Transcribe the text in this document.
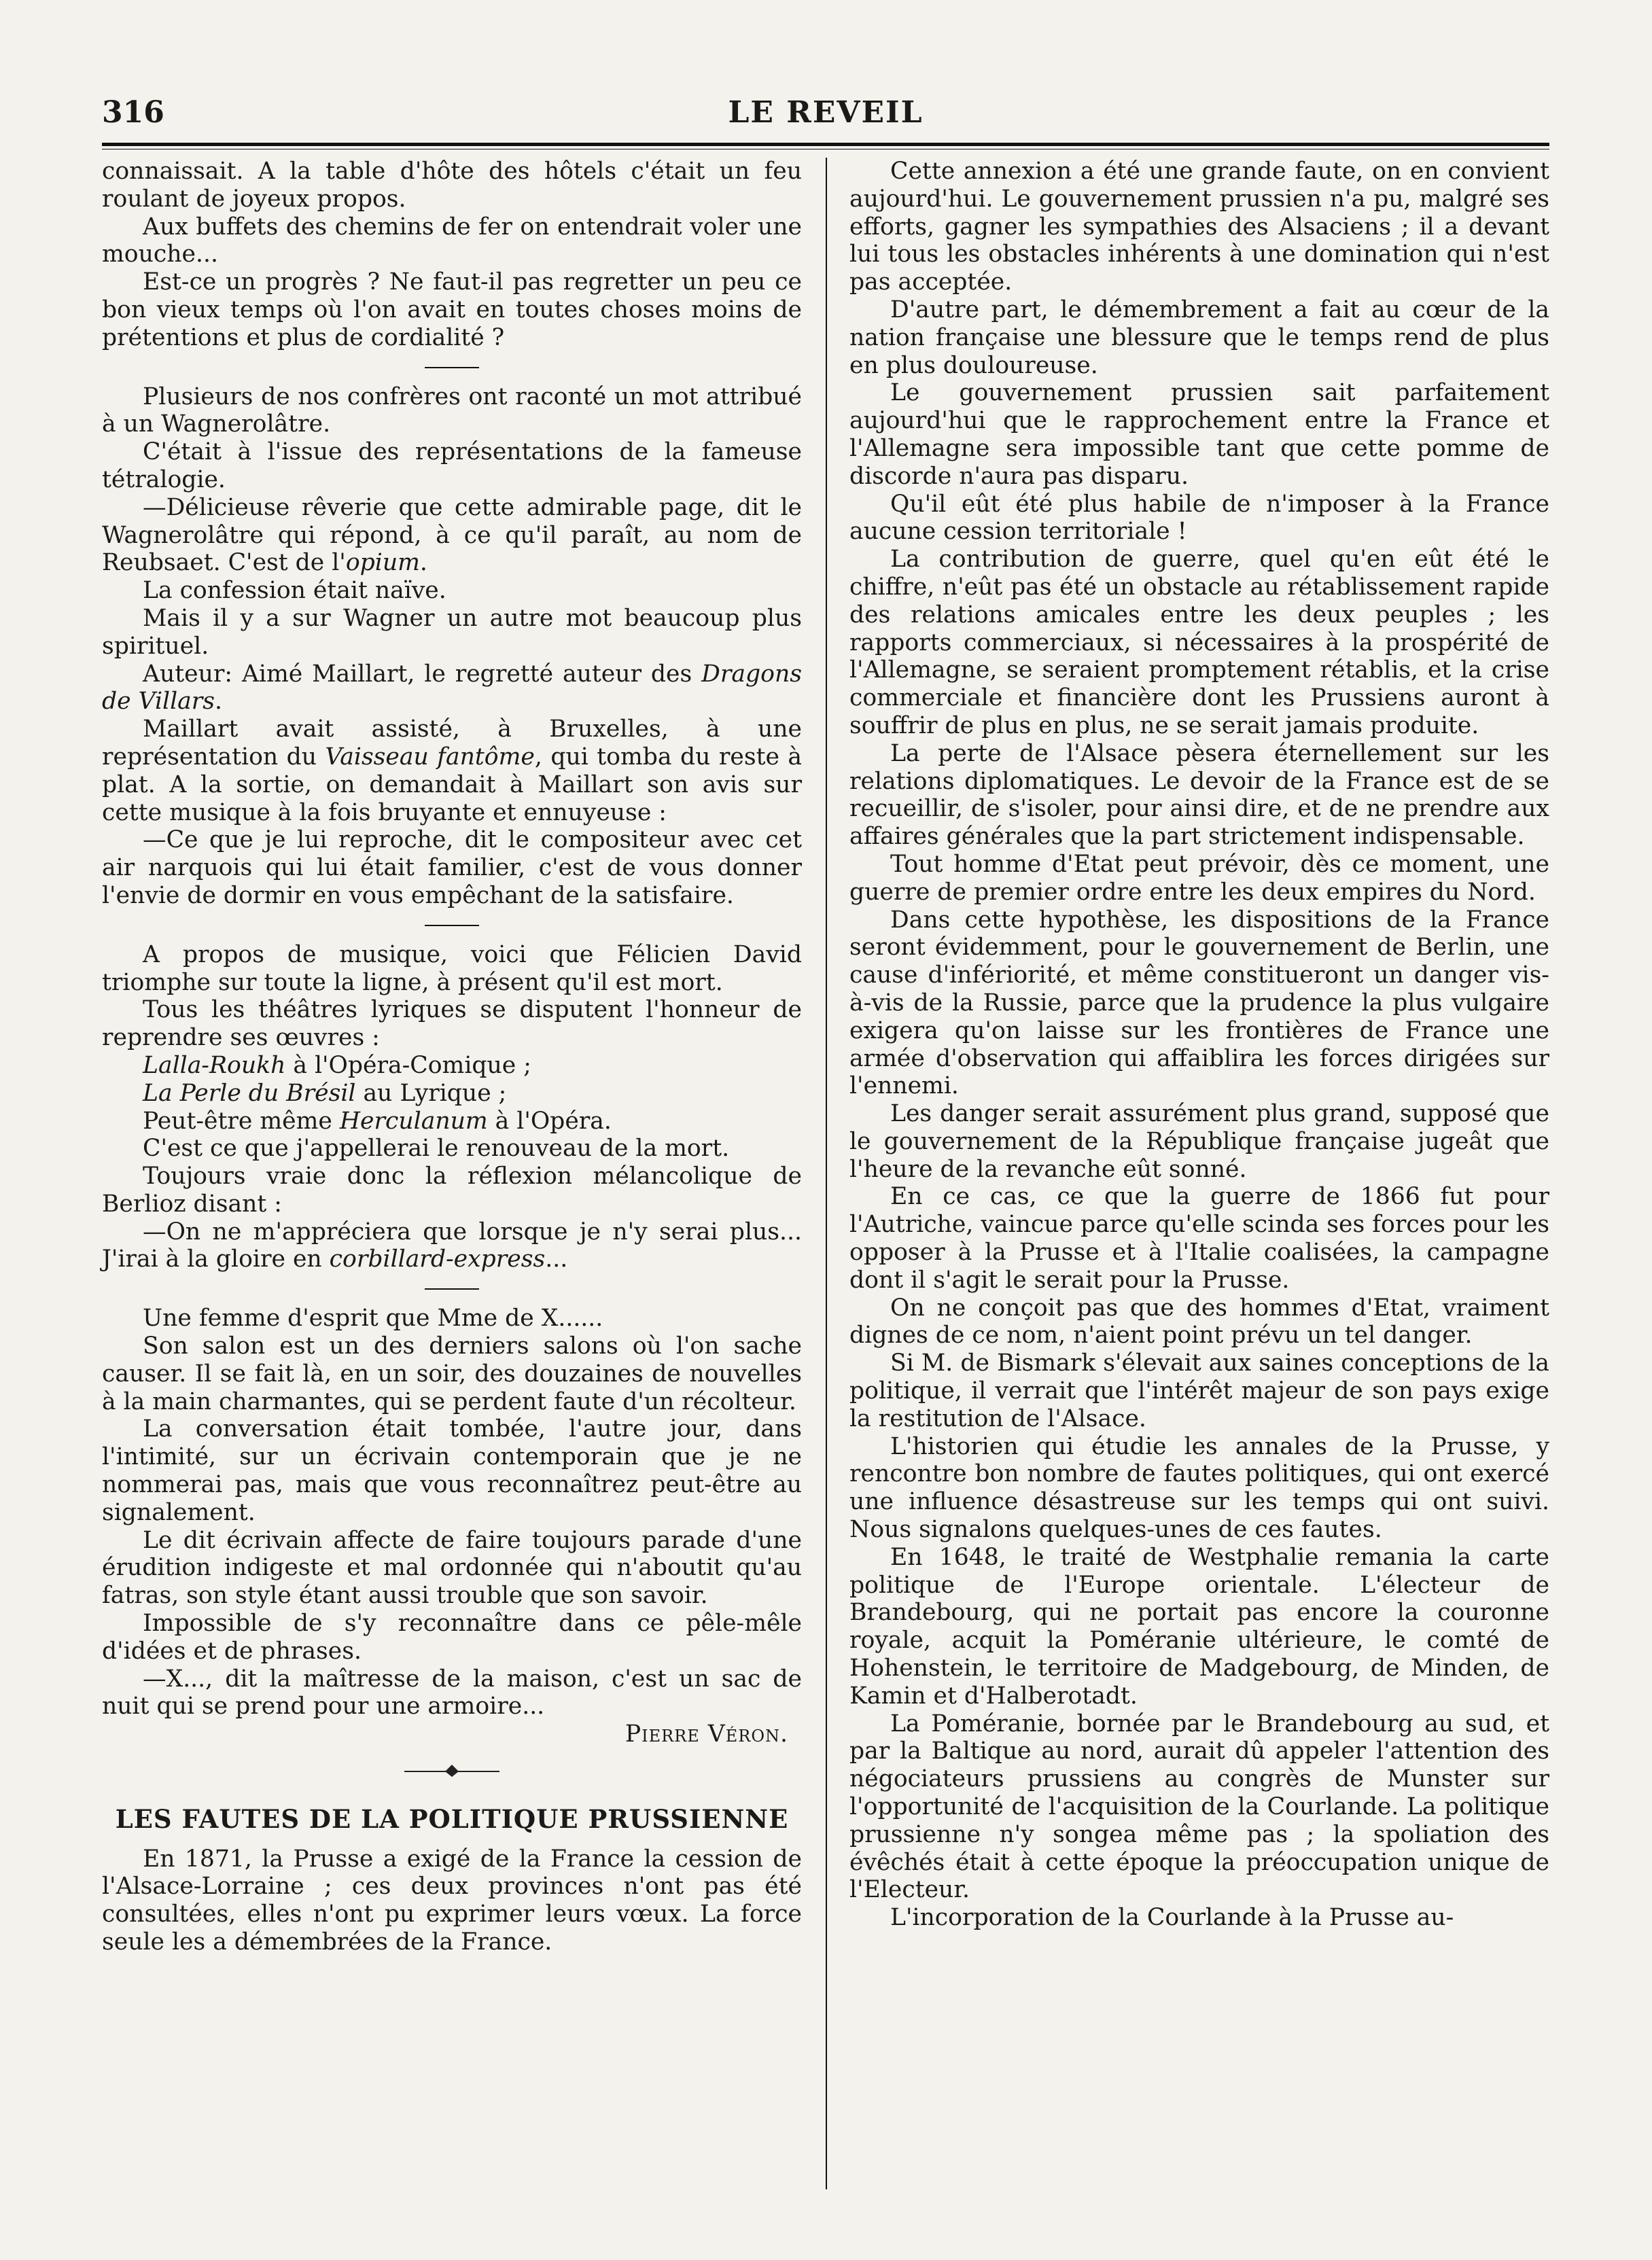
316	LE REVEIL

connaissait. A la table d'hôte des hôtels c'était un feu roulant de joyeux propos.

Aux buffets des chemins de fer on entendrait voler une mouche...

Est-ce un progrès ? Ne faut-il pas regretter un peu ce bon vieux temps où l'on avait en toutes choses moins de prétentions et plus de cordialité ?

Plusieurs de nos confrères ont raconté un mot attribué à un Wagnerolâtre.

C'était à l'issue des représentations de la fameuse tétralogie.

—Délicieuse rêverie que cette admirable page, dit le Wagnerolâtre qui répond, à ce qu'il paraît, au nom de Reubsaet. C'est de l'opium.

La confession était naïve.

Mais il y a sur Wagner un autre mot beaucoup plus spirituel.

Auteur: Aimé Maillart, le regretté auteur des Dragons de Villars.

Maillart avait assisté, à Bruxelles, à une représentation du Vaisseau fantôme, qui tomba du reste à plat. A la sortie, on demandait à Maillart son avis sur cette musique à la fois bruyante et ennuyeuse :

—Ce que je lui reproche, dit le compositeur avec cet air narquois qui lui était familier, c'est de vous donner l'envie de dormir en vous empêchant de la satisfaire.

A propos de musique, voici que Félicien David triomphe sur toute la ligne, à présent qu'il est mort.

Tous les théâtres lyriques se disputent l'honneur de reprendre ses œuvres :

Lalla-Roukh à l'Opéra-Comique ;

La Perle du Brésil au Lyrique ;

Peut-être même Herculanum à l'Opéra.

C'est ce que j'appellerai le renouveau de la mort.

Toujours vraie donc la réflexion mélancolique de Berlioz disant :

—On ne m'appréciera que lorsque je n'y serai plus... J'irai à la gloire en corbillard-express...

Une femme d'esprit que Mme de X......

Son salon est un des derniers salons où l'on sache causer. Il se fait là, en un soir, des douzaines de nouvelles à la main charmantes, qui se perdent faute d'un récolteur.

La conversation était tombée, l'autre jour, dans l'intimité, sur un écrivain contemporain que je ne nommerai pas, mais que vous reconnaîtrez peut-être au signalement.

Le dit écrivain affecte de faire toujours parade d'une érudition indigeste et mal ordonnée qui n'aboutit qu'au fatras, son style étant aussi trouble que son savoir.

Impossible de s'y reconnaître dans ce pêle-mêle d'idées et de phrases.

—X..., dit la maîtresse de la maison, c'est un sac de nuit qui se prend pour une armoire...

Pierre Véron.

LES FAUTES DE LA POLITIQUE PRUSSIENNE

En 1871, la Prusse a exigé de la France la cession de l'Alsace-Lorraine ; ces deux provinces n'ont pas été consultées, elles n'ont pu exprimer leurs vœux. La force seule les a démembrées de la France.

Cette annexion a été une grande faute, on en convient aujourd'hui. Le gouvernement prussien n'a pu, malgré ses efforts, gagner les sympathies des Alsaciens ; il a devant lui tous les obstacles inhérents à une domination qui n'est pas acceptée.

D'autre part, le démembrement a fait au cœur de la nation française une blessure que le temps rend de plus en plus douloureuse.

Le gouvernement prussien sait parfaitement aujourd'hui que le rapprochement entre la France et l'Allemagne sera impossible tant que cette pomme de discorde n'aura pas disparu.

Qu'il eût été plus habile de n'imposer à la France aucune cession territoriale !

La contribution de guerre, quel qu'en eût été le chiffre, n'eût pas été un obstacle au rétablissement rapide des relations amicales entre les deux peuples ; les rapports commerciaux, si nécessaires à la prospérité de l'Allemagne, se seraient promptement rétablis, et la crise commerciale et financière dont les Prussiens auront à souffrir de plus en plus, ne se serait jamais produite.

La perte de l'Alsace pèsera éternellement sur les relations diplomatiques. Le devoir de la France est de se recueillir, de s'isoler, pour ainsi dire, et de ne prendre aux affaires générales que la part strictement indispensable.

Tout homme d'Etat peut prévoir, dès ce moment, une guerre de premier ordre entre les deux empires du Nord.

Dans cette hypothèse, les dispositions de la France seront évidemment, pour le gouvernement de Berlin, une cause d'infériorité, et même constitueront un danger vis-à-vis de la Russie, parce que la prudence la plus vulgaire exigera qu'on laisse sur les frontières de France une armée d'observation qui affaiblira les forces dirigées sur l'ennemi.

Les danger serait assurément plus grand, supposé que le gouvernement de la République française jugeât que l'heure de la revanche eût sonné.

En ce cas, ce que la guerre de 1866 fut pour l'Autriche, vaincue parce qu'elle scinda ses forces pour les opposer à la Prusse et à l'Italie coalisées, la campagne dont il s'agit le serait pour la Prusse.

On ne conçoit pas que des hommes d'Etat, vraiment dignes de ce nom, n'aient point prévu un tel danger.

Si M. de Bismark s'élevait aux saines conceptions de la politique, il verrait que l'intérêt majeur de son pays exige la restitution de l'Alsace.

L'historien qui étudie les annales de la Prusse, y rencontre bon nombre de fautes politiques, qui ont exercé une influence désastreuse sur les temps qui ont suivi. Nous signalons quelques-unes de ces fautes.

En 1648, le traité de Westphalie remania la carte politique de l'Europe orientale. L'électeur de Brandebourg, qui ne portait pas encore la couronne royale, acquit la Poméranie ultérieure, le comté de Hohenstein, le territoire de Madgebourg, de Minden, de Kamin et d'Halberotadt.

La Poméranie, bornée par le Brandebourg au sud, et par la Baltique au nord, aurait dû appeler l'attention des négociateurs prussiens au congrès de Munster sur l'opportunité de l'acquisition de la Courlande. La politique prussienne n'y songea même pas ; la spoliation des évêchés était à cette époque la préoccupation unique de l'Electeur.

L'incorporation de la Courlande à la Prusse au-
